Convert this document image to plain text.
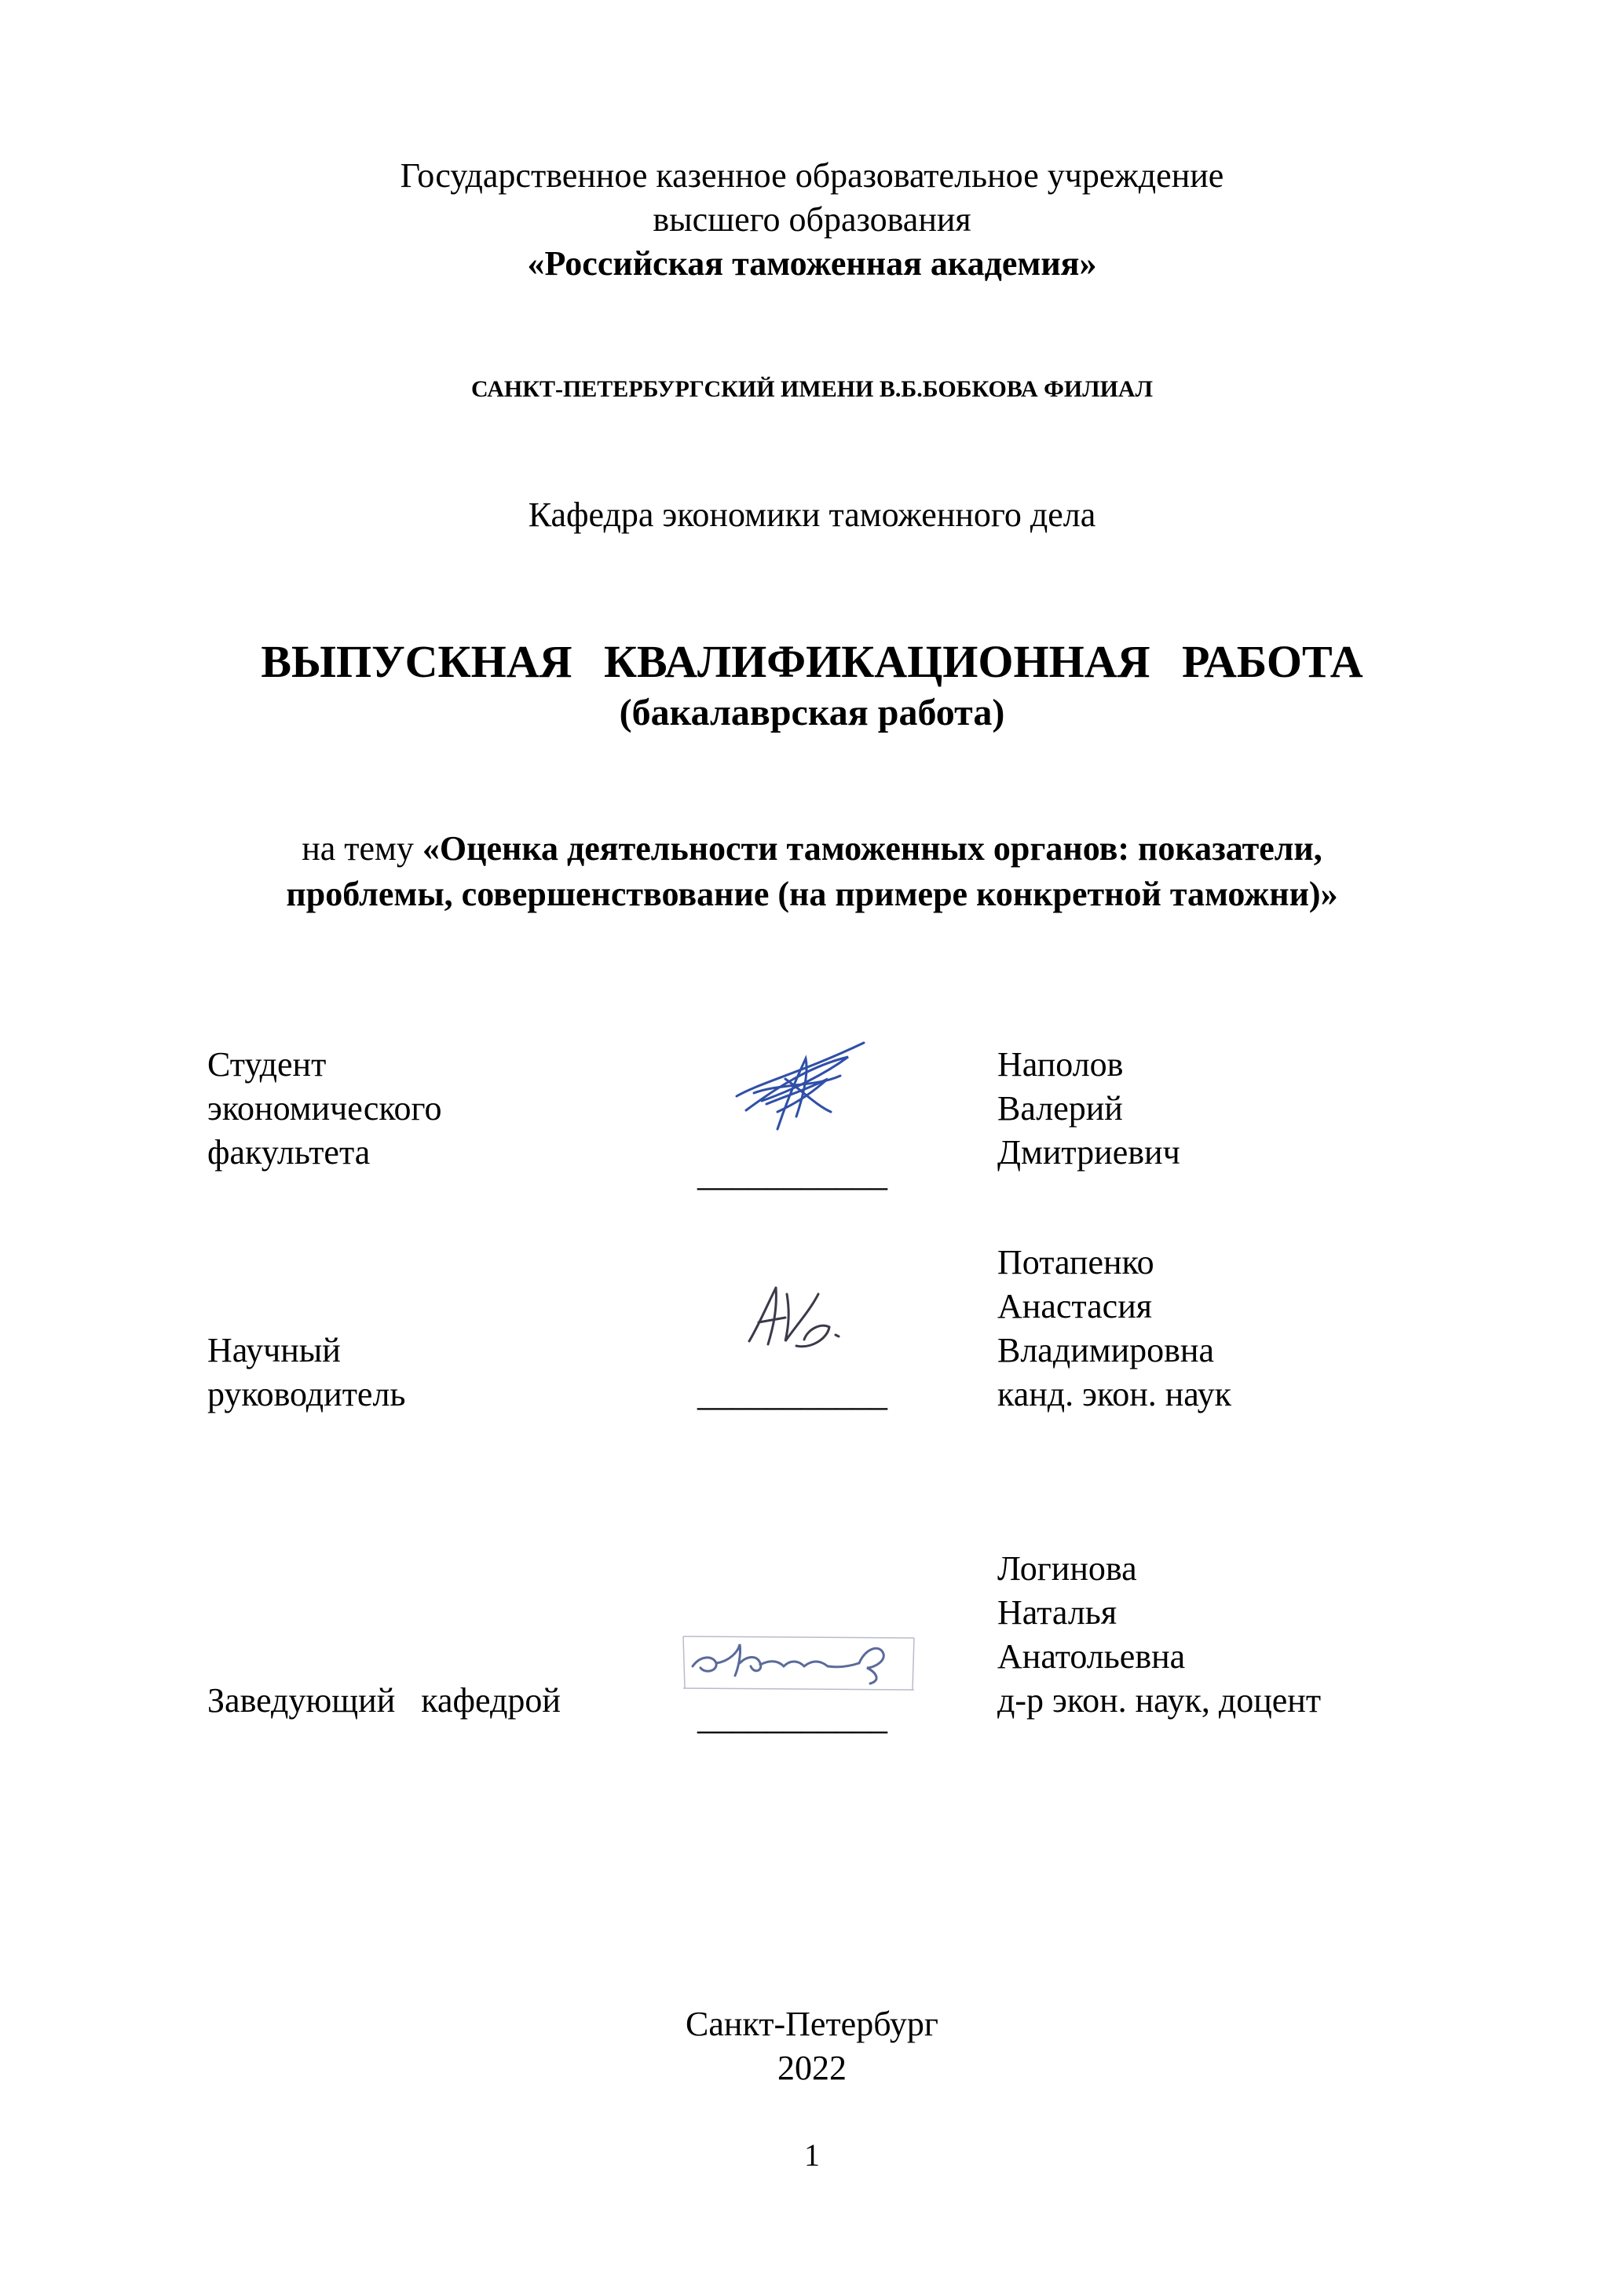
Государственное казенное образовательное учреждение
высшего образования
«Российская таможенная академия»
САНКТ-ПЕТЕРБУРГСКИЙ ИМЕНИ В.Б.БОБКОВА ФИЛИАЛ
Кафедра экономики таможенного дела
ВЫПУСКНАЯ КВАЛИФИКАЦИОННАЯ РАБОТА
(бакалаврская работа)
на тему «Оценка деятельности таможенных органов: показатели,
проблемы, совершенствование (на примере конкретной таможни)»
Студент
экономического
факультета
___________
Наполов
Валерий
Дмитриевич
Потапенко
Анастасия
Владимировна
канд. экон. наук
Научный
руководитель	___________
Логинова
Наталья
Анатольевна
д-р экон. наук, доцент
Заведующий   кафедрой	___________
Санкт-Петербург
2022
1
